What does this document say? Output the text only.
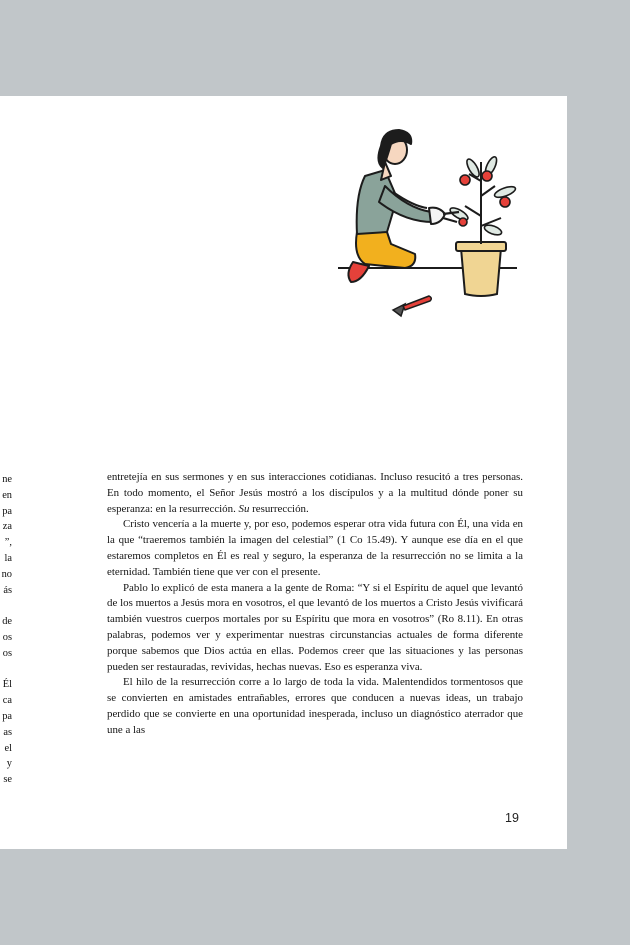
ne
en
pa
za
”,
la
no
ás
de
os
os
Él
ca
pa
as
el
y
se

entretejía en sus sermones y en sus interacciones cotidianas. Incluso resucitó a tres personas. En todo momento, el Señor Jesús mostró a los discípulos y a la multitud dónde poner su esperanza: en la resurrección. Su resurrección.

Cristo vencería a la muerte y, por eso, podemos esperar otra vida futura con Él, una vida en la que “traeremos también la imagen del celestial” (1 Co 15.49). Y aunque ese día en el que estaremos completos en Él es real y seguro, la esperanza de la resurrección no se limita a la eternidad. También tiene que ver con el presente.

Pablo lo explicó de esta manera a la gente de Roma: “Y si el Espíritu de aquel que levantó de los muertos a Jesús mora en vosotros, el que levantó de los muertos a Cristo Jesús vivificará también vuestros cuerpos mortales por su Espíritu que mora en vosotros” (Ro 8.11). En otras palabras, podemos ver y experimentar nuestras circunstancias actuales de forma diferente porque sabemos que Dios actúa en ellas. Podemos creer que las situaciones y las personas pueden ser restauradas, revividas, hechas nuevas. Eso es esperanza viva.

El hilo de la resurrección corre a lo largo de toda la vida. Malentendidos tormentosos que se convierten en amistades entrañables, errores que conducen a nuevas ideas, un trabajo perdido que se convierte en una oportunidad inesperada, incluso un diagnóstico aterrador que une a las

19
